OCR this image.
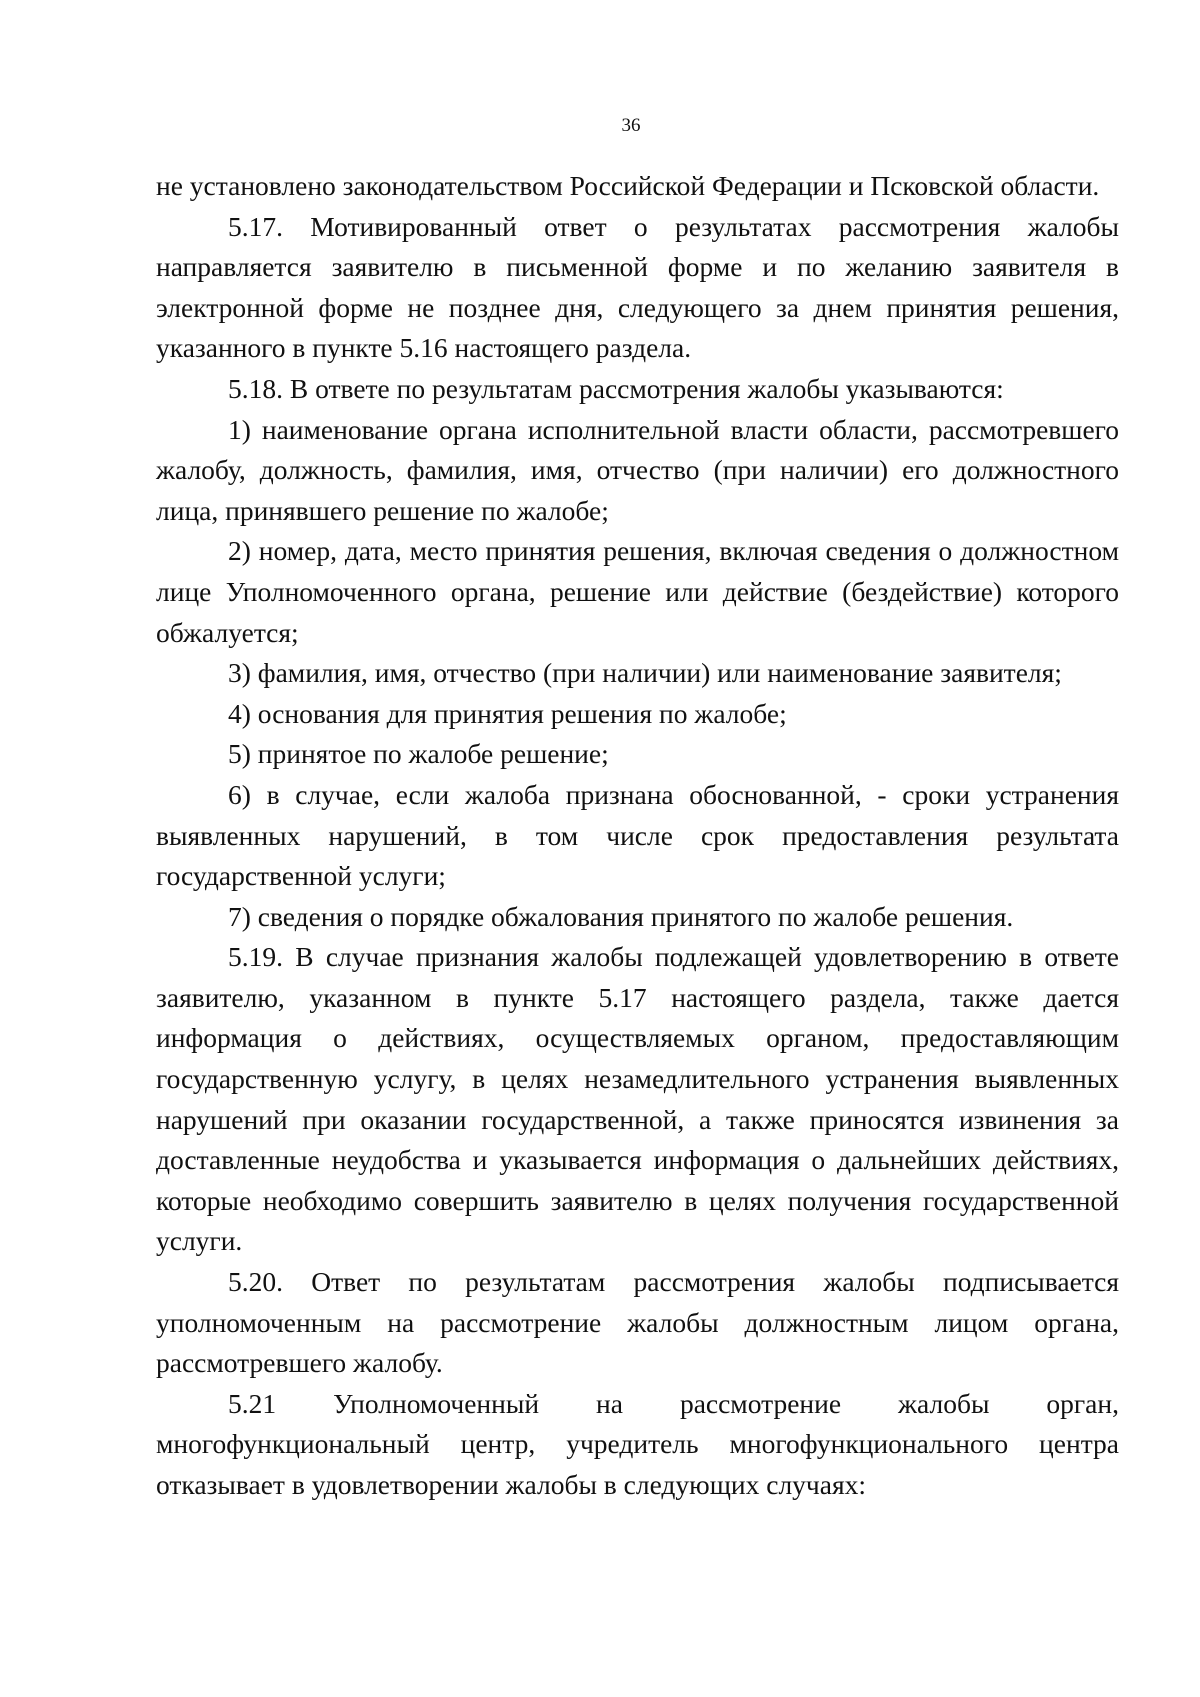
36

не установлено законодательством Российской Федерации и Псковской области.

5.17. Мотивированный ответ о результатах рассмотрения жалобы направляется заявителю в письменной форме и по желанию заявителя в электронной форме не позднее дня, следующего за днем принятия решения, указанного в пункте 5.16 настоящего раздела.

5.18. В ответе по результатам рассмотрения жалобы указываются:

1) наименование органа исполнительной власти области, рассмотревшего жалобу, должность, фамилия, имя, отчество (при наличии) его должностного лица, принявшего решение по жалобе;

2) номер, дата, место принятия решения, включая сведения о должностном лице Уполномоченного органа, решение или действие (бездействие) которого обжалуется;

3) фамилия, имя, отчество (при наличии) или наименование заявителя;

4) основания для принятия решения по жалобе;

5) принятое по жалобе решение;

6) в случае, если жалоба признана обоснованной, - сроки устранения выявленных нарушений, в том числе срок предоставления результата государственной услуги;

7) сведения о порядке обжалования принятого по жалобе решения.

5.19. В случае признания жалобы подлежащей удовлетворению в ответе заявителю, указанном в пункте 5.17 настоящего раздела, также дается информация о действиях, осуществляемых органом, предоставляющим государственную услугу, в целях незамедлительного устранения выявленных нарушений при оказании государственной, а также приносятся извинения за доставленные неудобства и указывается информация о дальнейших действиях, которые необходимо совершить заявителю в целях получения государственной услуги.

5.20. Ответ по результатам рассмотрения жалобы подписывается уполномоченным на рассмотрение жалобы должностным лицом органа, рассмотревшего жалобу.

5.21 Уполномоченный на рассмотрение жалобы орган, многофункциональный центр, учредитель многофункционального центра отказывает в удовлетворении жалобы в следующих случаях:
